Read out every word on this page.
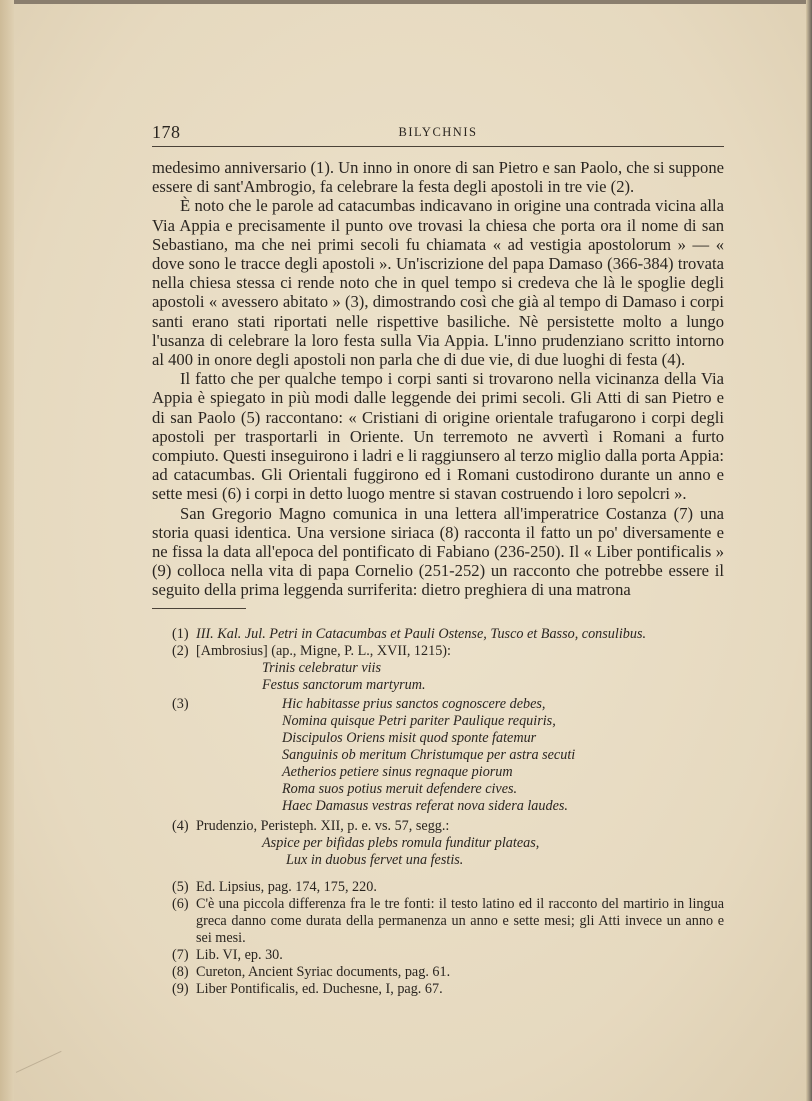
178	BILYCHNIS

medesimo anniversario (1). Un inno in onore di san Pietro e san Paolo, che si suppone essere di sant'Ambrogio, fa celebrare la festa degli apostoli in tre vie (2).

È noto che le parole ad catacumbas indicavano in origine una contrada vicina alla Via Appia e precisamente il punto ove trovasi la chiesa che porta ora il nome di san Sebastiano, ma che nei primi secoli fu chiamata « ad vestigia apostolorum » — « dove sono le tracce degli apostoli ». Un'iscrizione del papa Damaso (366-384) trovata nella chiesa stessa ci rende noto che in quel tempo si credeva che là le spoglie degli apostoli « avessero abitato » (3), dimostrando così che già al tempo di Damaso i corpi santi erano stati riportati nelle rispettive basiliche. Nè persistette molto a lungo l'usanza di celebrare la loro festa sulla Via Appia. L'inno prudenziano scritto intorno al 400 in onore degli apostoli non parla che di due vie, di due luoghi di festa (4).

Il fatto che per qualche tempo i corpi santi si trovarono nella vicinanza della Via Appia è spiegato in più modi dalle leggende dei primi secoli. Gli Atti di san Pietro e di san Paolo (5) raccontano: « Cristiani di origine orientale trafugarono i corpi degli apostoli per trasportarli in Oriente. Un terremoto ne avvertì i Romani a furto compiuto. Questi inseguirono i ladri e li raggiunsero al terzo miglio dalla porta Appia: ad catacumbas. Gli Orientali fuggirono ed i Romani custodirono durante un anno e sette mesi (6) i corpi in detto luogo mentre si stavan costruendo i loro sepolcri ».

San Gregorio Magno comunica in una lettera all'imperatrice Costanza (7) una storia quasi identica. Una versione siriaca (8) racconta il fatto un po' diversamente e ne fissa la data all'epoca del pontificato di Fabiano (236-250). Il « Liber pontificalis » (9) colloca nella vita di papa Cornelio (251-252) un racconto che potrebbe essere il seguito della prima leggenda surriferita: dietro preghiera di una matrona

(1) III. Kal. Jul. Petri in Catacumbas et Pauli Ostense, Tusco et Basso, consulibus.
(2) [Ambrosius] (ap., Migne, P. L., XVII, 1215):
Trinis celebratur viis
Festus sanctorum martyrum.
(3)	Hic habitasse prius sanctos cognoscere debes,
Nomina quisque Petri pariter Paulique requiris,
Discipulos Oriens misit quod sponte fatemur
Sanguinis ob meritum Christumque per astra secuti
Aetherios petiere sinus regnaque piorum
Roma suos potius meruit defendere cives.
Haec Damasus vestras referat nova sidera laudes.
(4) Prudenzio, Peristeph. XII, p. e. vs. 57, segg.:
Aspice per bifidas plebs romula funditur plateas,
Lux in duobus fervet una festis.
(5) Ed. Lipsius, pag. 174, 175, 220.
(6) C'è una piccola differenza fra le tre fonti: il testo latino ed il racconto del martirio in lingua greca danno come durata della permanenza un anno e sette mesi; gli Atti invece un anno e sei mesi.
(7) Lib. VI, ep. 30.
(8) Cureton, Ancient Syriac documents, pag. 61.
(9) Liber Pontificalis, ed. Duchesne, I, pag. 67.
